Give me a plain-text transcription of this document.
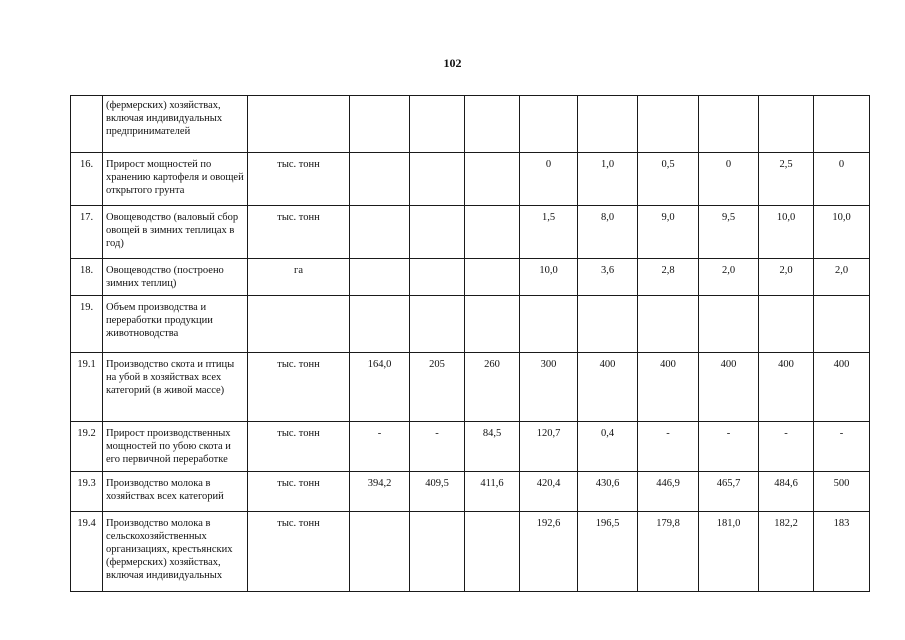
102
	(фермерских) хозяйствах, включая индивидуальных предпринимателей										
16.	Прирост мощностей по хранению картофеля и овощей открытого грунта	тыс. тонн				0	1,0	0,5	0	2,5	0
17.	Овощеводство (валовый сбор овощей в зимних теплицах в год)	тыс. тонн				1,5	8,0	9,0	9,5	10,0	10,0
18.	Овощеводство (построено зимних теплиц)	га				10,0	3,6	2,8	2,0	2,0	2,0
19.	Объем производства и переработки продукции животноводства										
19.1	Производство скота и птицы на убой в хозяйствах всех категорий (в живой массе)	тыс. тонн	164,0	205	260	300	400	400	400	400	400
19.2	Прирост производственных мощностей по убою скота и его первичной переработке	тыс. тонн	-	-	84,5	120,7	0,4	-	-	-	-
19.3	Производство молока в хозяйствах всех категорий	тыс. тонн	394,2	409,5	411,6	420,4	430,6	446,9	465,7	484,6	500
19.4	Производство молока в сельскохозяйственных организациях, крестьянских (фермерских) хозяйствах, включая индивидуальных	тыс. тонн				192,6	196,5	179,8	181,0	182,2	183
